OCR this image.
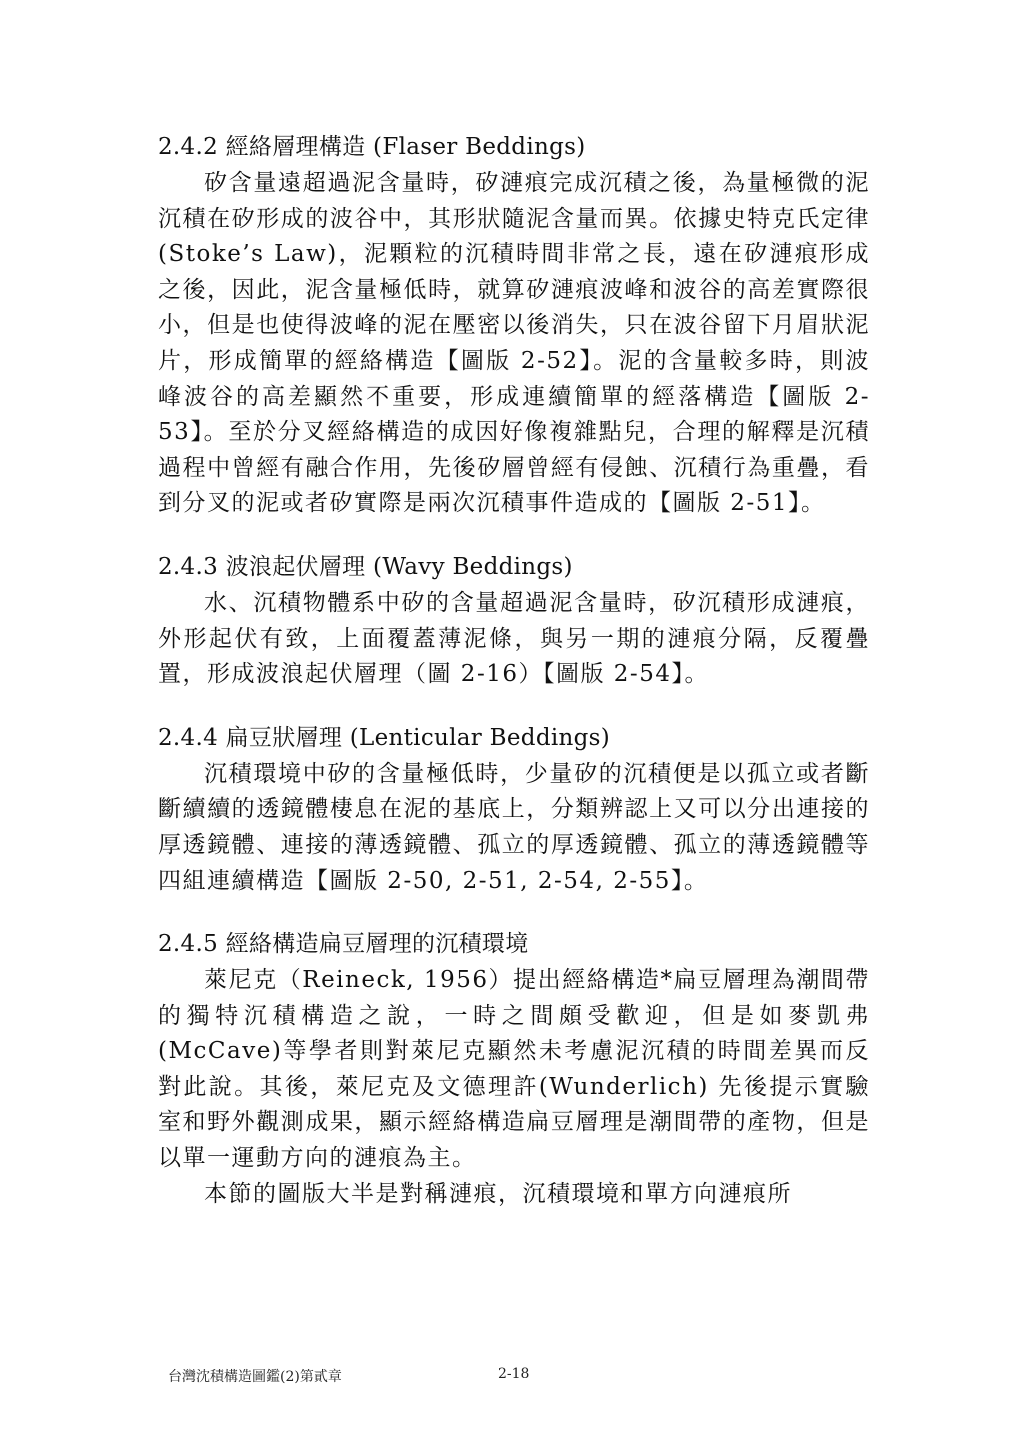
2.4.2 經絡層理構造 (Flaser Beddings)

矽含量遠超過泥含量時，矽漣痕完成沉積之後，為量極微的泥沉積在矽形成的波谷中，其形狀隨泥含量而異。依據史特克氏定律(Stoke’s Law)，泥顆粒的沉積時間非常之長，遠在矽漣痕形成之後，因此，泥含量極低時，就算矽漣痕波峰和波谷的高差實際很小，但是也使得波峰的泥在壓密以後消失，只在波谷留下月眉狀泥片，形成簡單的經絡構造【圖版 2-52】。泥的含量較多時，則波峰波谷的高差顯然不重要，形成連續簡單的經落構造【圖版 2-53】。至於分叉經絡構造的成因好像複雜點兒，合理的解釋是沉積過程中曾經有融合作用，先後矽層曾經有侵蝕、沉積行為重疊，看到分叉的泥或者矽實際是兩次沉積事件造成的【圖版 2-51】。

2.4.3 波浪起伏層理 (Wavy Beddings)

水、沉積物體系中矽的含量超過泥含量時，矽沉積形成漣痕，外形起伏有致，上面覆蓋薄泥條，與另一期的漣痕分隔，反覆疊置，形成波浪起伏層理（圖 2-16）【圖版 2-54】。

2.4.4 扁豆狀層理 (Lenticular Beddings)

沉積環境中矽的含量極低時，少量矽的沉積便是以孤立或者斷斷續續的透鏡體棲息在泥的基底上，分類辨認上又可以分出連接的厚透鏡體、連接的薄透鏡體、孤立的厚透鏡體、孤立的薄透鏡體等四組連續構造【圖版 2-50, 2-51, 2-54, 2-55】。

2.4.5 經絡構造扁豆層理的沉積環境

萊尼克（Reineck, 1956）提出經絡構造*扁豆層理為潮間帶的獨特沉積構造之說，一時之間頗受歡迎，但是如麥凱弗(McCave)等學者則對萊尼克顯然未考慮泥沉積的時間差異而反對此說。其後，萊尼克及文德理許(Wunderlich) 先後提示實驗室和野外觀測成果，顯示經絡構造扁豆層理是潮間帶的產物，但是以單一運動方向的漣痕為主。

本節的圖版大半是對稱漣痕，沉積環境和單方向漣痕所

台灣沈積構造圖鑑(2)第貳章	2-18
